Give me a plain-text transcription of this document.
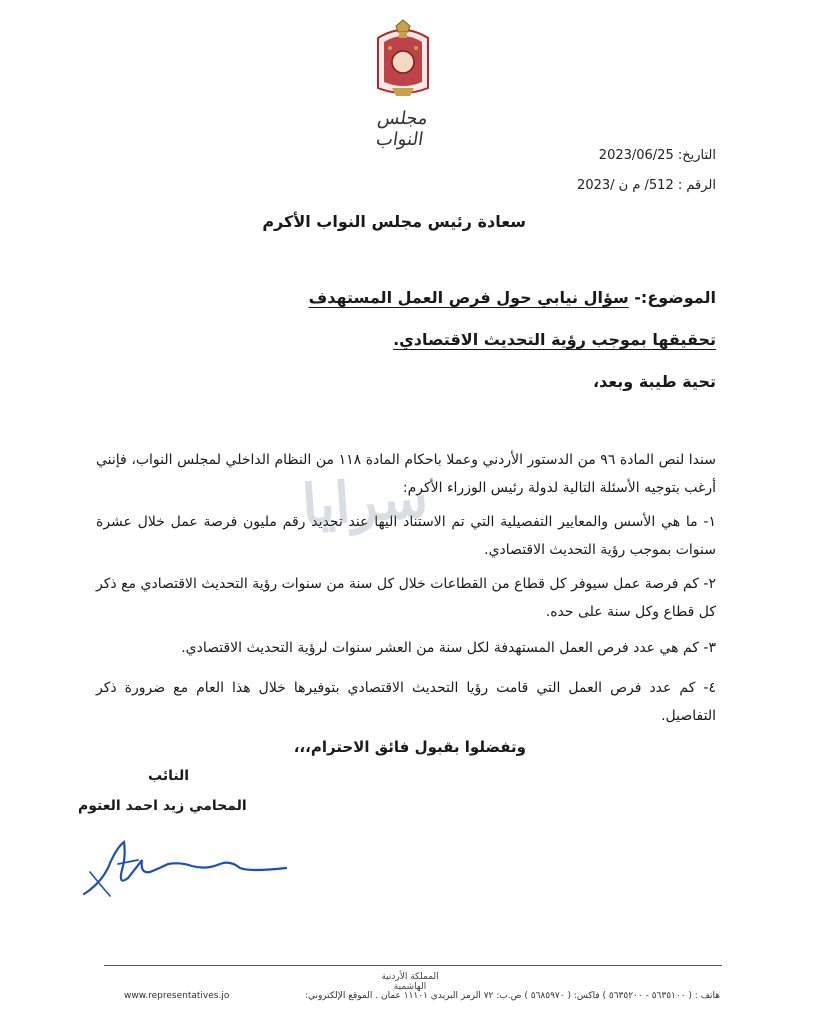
مجلس النواب
التاريخ: 2023/06/25
الرقم : 512/ م ن /2023
سعادة رئيس مجلس النواب الأكرم
الموضوع:- سؤال نيابي حول فرص العمل المستهدف
تحقيقها بموجب رؤية التحديث الاقتصادي.
تحية طيبة وبعد،
سندا لنص المادة ٩٦ من الدستور الأردني وعملا باحكام المادة ١١٨ من النظام الداخلي لمجلس النواب، فإنني أرغب بتوجيه الأسئلة التالية لدولة رئيس الوزراء الأكرم:
١- ما هي الأسس والمعايير التفصيلية التي تم الاستناد اليها عند تحديد رقم مليون فرصة عمل خلال عشرة سنوات بموجب رؤية التحديث الاقتصادي.
٢- كم فرصة عمل سيوفر كل قطاع من القطاعات خلال كل سنة من سنوات رؤية التحديث الاقتصادي مع ذكر كل قطاع وكل سنة على حده.
٣- كم هي عدد فرص العمل المستهدفة لكل سنة من العشر سنوات لرؤية التحديث الاقتصادي.
٤- كم عدد فرص العمل التي قامت رؤيا التحديث الاقتصادي بتوفيرها خلال هذا العام مع ضرورة ذكر التفاصيل.
سرايا
وتفضلوا بقبول فائق الاحترام،،،
النائب
المحامي زيد احمد العتوم
المملكة الأردنية الهاشمية
www.representatives.jo	هاتف : ( ٥٦٣٥١٠٠ - ٥٦٣٥٢٠٠ ) فاكس: ( ٥٦٨٥٩٧٠ ) ص.ب: ٧٢ الرمز البريدي ١١١٠١ عمان . الموقع الإلكتروني:
